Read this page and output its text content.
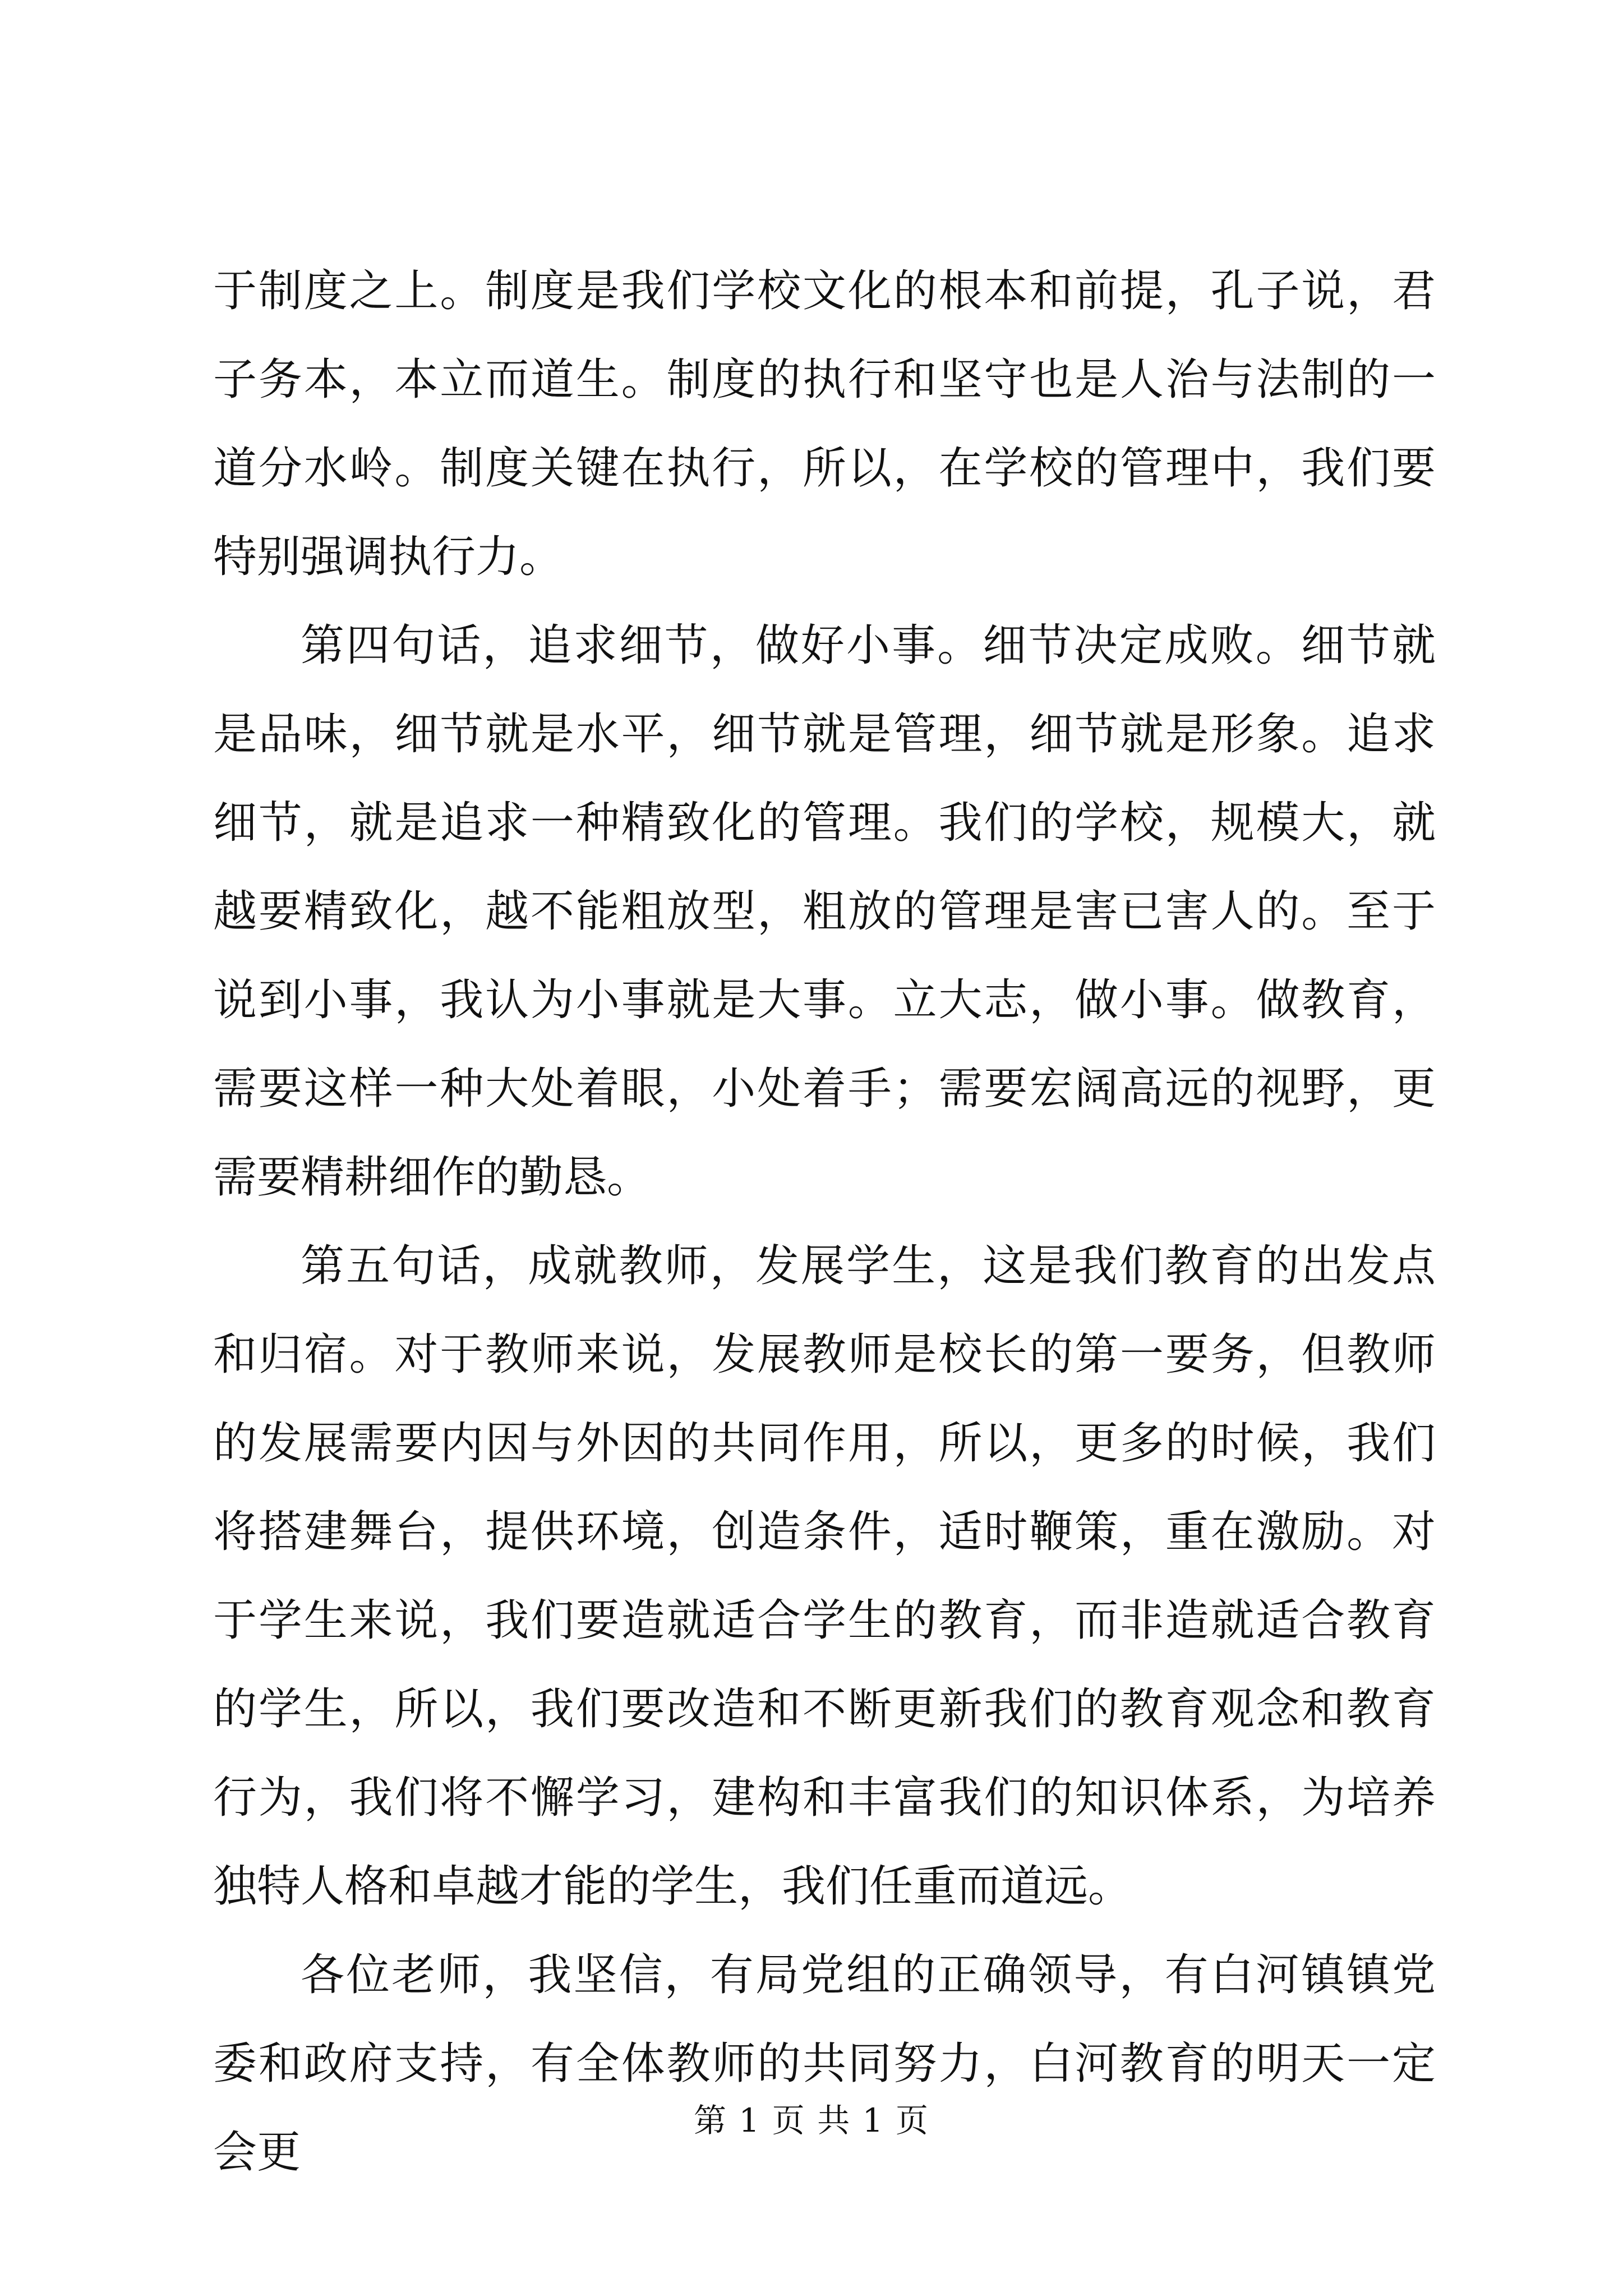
于制度之上。制度是我们学校文化的根本和前提，孔子说，君子务本，本立而道生。制度的执行和坚守也是人治与法制的一道分水岭。制度关键在执行，所以，在学校的管理中，我们要特别强调执行力。

第四句话，追求细节，做好小事。细节决定成败。细节就是品味，细节就是水平，细节就是管理，细节就是形象。追求细节，就是追求一种精致化的管理。我们的学校，规模大，就越要精致化，越不能粗放型，粗放的管理是害已害人的。至于说到小事，我认为小事就是大事。立大志，做小事。做教育，需要这样一种大处着眼，小处着手；需要宏阔高远的视野，更需要精耕细作的勤恳。

第五句话，成就教师，发展学生，这是我们教育的出发点和归宿。对于教师来说，发展教师是校长的第一要务，但教师的发展需要内因与外因的共同作用，所以，更多的时候，我们将搭建舞台，提供环境，创造条件，适时鞭策，重在激励。对于学生来说，我们要造就适合学生的教育，而非造就适合教育的学生，所以，我们要改造和不断更新我们的教育观念和教育行为，我们将不懈学习，建构和丰富我们的知识体系，为培养独特人格和卓越才能的学生，我们任重而道远。

各位老师，我坚信，有局党组的正确领导，有白河镇镇党委和政府支持，有全体教师的共同努力，白河教育的明天一定会更

第 1 页 共 1 页
